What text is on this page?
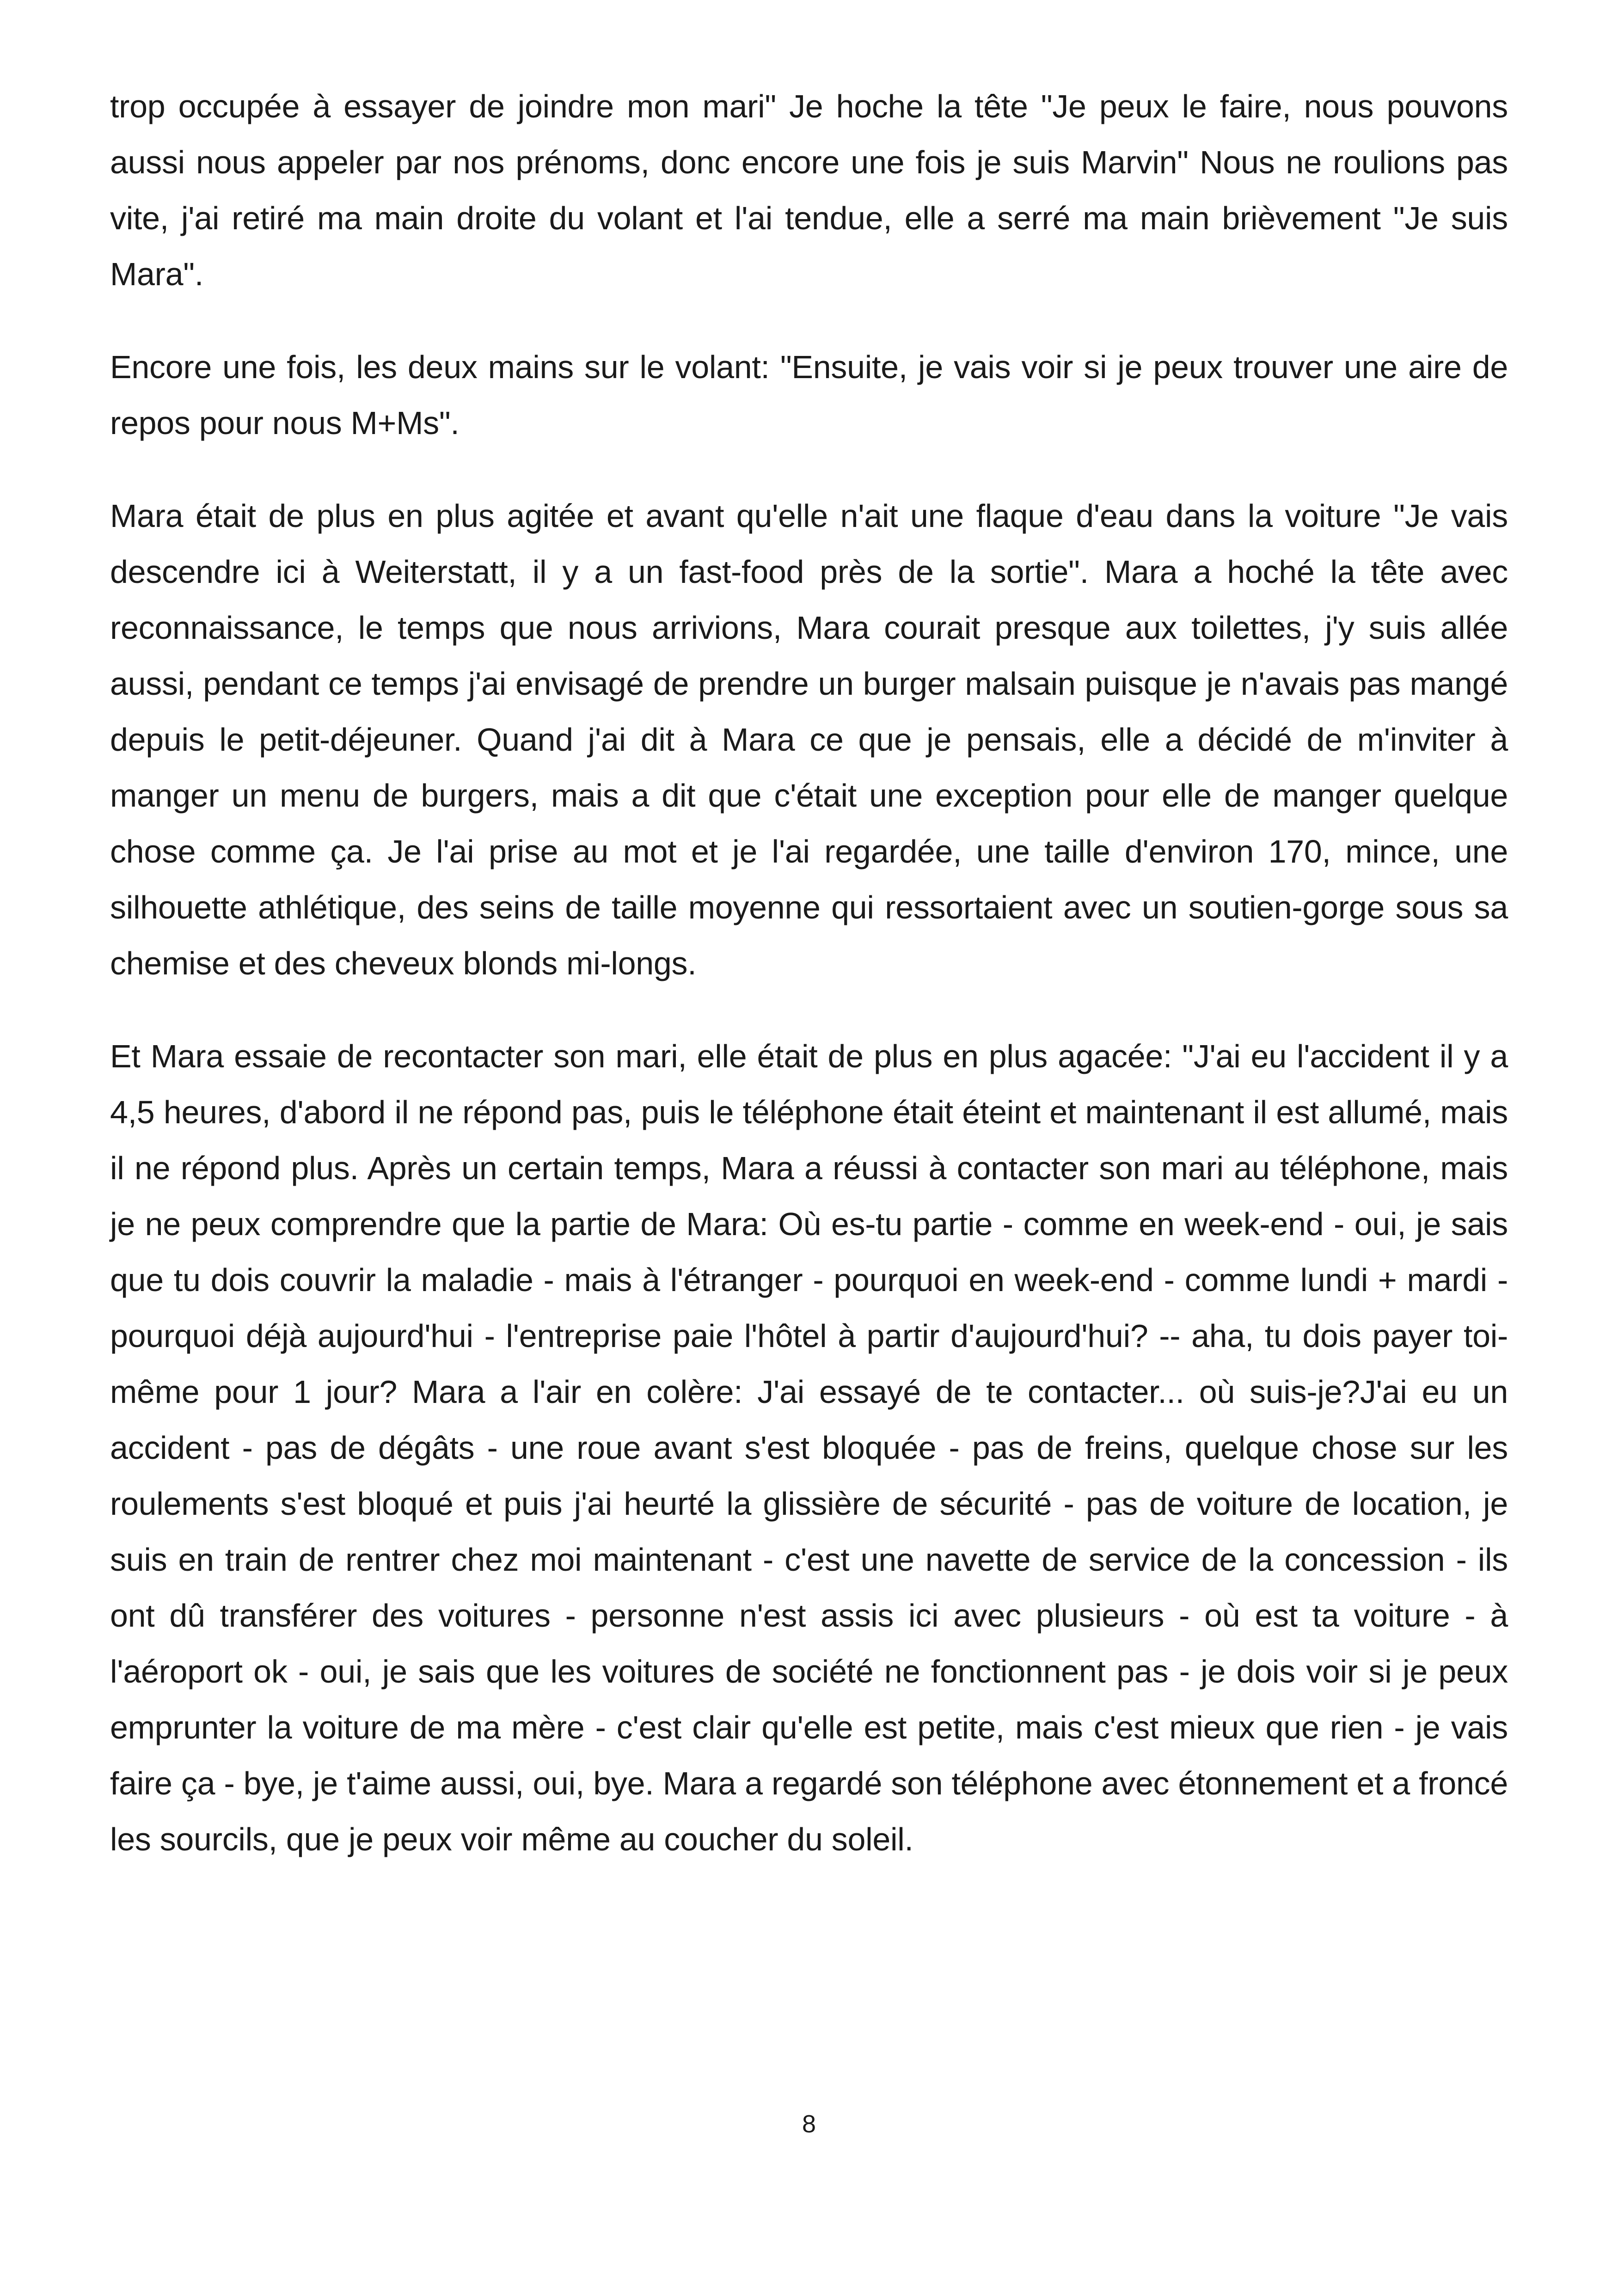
trop occupée à essayer de joindre mon mari" Je hoche la tête "Je peux le faire, nous pouvons aussi nous appeler par nos prénoms, donc encore une fois je suis Marvin" Nous ne roulions pas vite, j'ai retiré ma main droite du volant et l'ai tendue, elle a serré ma main brièvement "Je suis Mara".

Encore une fois, les deux mains sur le volant: "Ensuite, je vais voir si je peux trouver une aire de repos pour nous M+Ms".

Mara était de plus en plus agitée et avant qu'elle n'ait une flaque d'eau dans la voiture "Je vais descendre ici à Weiterstatt, il y a un fast-food près de la sortie". Mara a hoché la tête avec reconnaissance, le temps que nous arrivions, Mara courait presque aux toilettes, j'y suis allée aussi, pendant ce temps j'ai envisagé de prendre un burger malsain puisque je n'avais pas mangé depuis le petit-déjeuner. Quand j'ai dit à Mara ce que je pensais, elle a décidé de m'inviter à manger un menu de burgers, mais a dit que c'était une exception pour elle de manger quelque chose comme ça. Je l'ai prise au mot et je l'ai regardée, une taille d'environ 170, mince, une silhouette athlétique, des seins de taille moyenne qui ressortaient avec un soutien-gorge sous sa chemise et des cheveux blonds mi-longs.

Et Mara essaie de recontacter son mari, elle était de plus en plus agacée: "J'ai eu l'accident il y a 4,5 heures, d'abord il ne répond pas, puis le téléphone était éteint et maintenant il est allumé, mais il ne répond plus. Après un certain temps, Mara a réussi à contacter son mari au téléphone, mais je ne peux comprendre que la partie de Mara: Où es-tu partie - comme en week-end - oui, je sais que tu dois couvrir la maladie - mais à l'étranger - pourquoi en week-end - comme lundi + mardi - pourquoi déjà aujourd'hui - l'entreprise paie l'hôtel à partir d'aujourd'hui? -- aha, tu dois payer toi-même pour 1 jour? Mara a l'air en colère: J'ai essayé de te contacter... où suis-je?J'ai eu un accident - pas de dégâts - une roue avant s'est bloquée - pas de freins, quelque chose sur les roulements s'est bloqué et puis j'ai heurté la glissière de sécurité - pas de voiture de location, je suis en train de rentrer chez moi maintenant - c'est une navette de service de la concession - ils ont dû transférer des voitures - personne n'est assis ici avec plusieurs - où est ta voiture - à l'aéroport ok - oui, je sais que les voitures de société ne fonctionnent pas - je dois voir si je peux emprunter la voiture de ma mère - c'est clair qu'elle est petite, mais c'est mieux que rien - je vais faire ça - bye, je t'aime aussi, oui, bye. Mara a regardé son téléphone avec étonnement et a froncé les sourcils, que je peux voir même au coucher du soleil.

8
